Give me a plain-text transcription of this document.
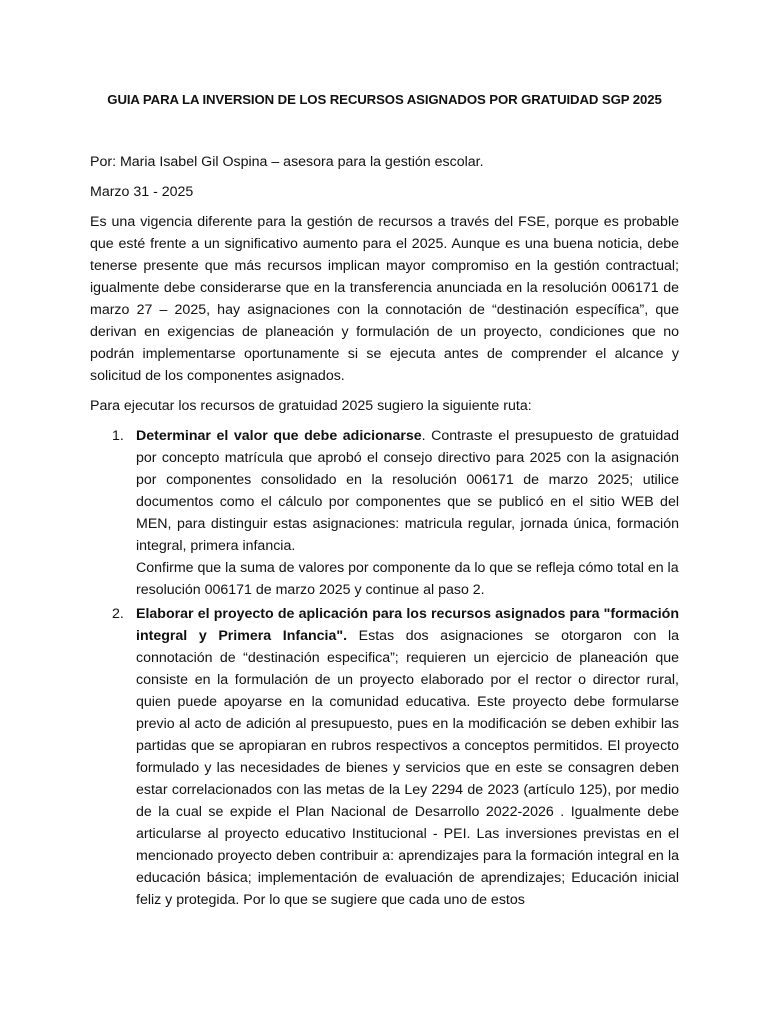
GUIA PARA LA INVERSION DE LOS RECURSOS ASIGNADOS POR GRATUIDAD SGP 2025

Por: Maria Isabel Gil Ospina – asesora para la gestión escolar.

Marzo 31 - 2025

Es una vigencia diferente para la gestión de recursos a través del FSE, porque es probable que esté frente a un significativo aumento para el 2025. Aunque es una buena noticia, debe tenerse presente que más recursos implican mayor compromiso en la gestión contractual; igualmente debe considerarse que en la transferencia anunciada en la resolución 006171 de marzo 27 – 2025, hay asignaciones con la connotación de “destinación específica”, que derivan en exigencias de planeación y formulación de un proyecto, condiciones que no podrán implementarse oportunamente si se ejecuta antes de comprender el alcance y solicitud de los componentes asignados.

Para ejecutar los recursos de gratuidad 2025 sugiero la siguiente ruta:

1. Determinar el valor que debe adicionarse. Contraste el presupuesto de gratuidad por concepto matrícula que aprobó el consejo directivo para 2025 con la asignación por componentes consolidado en la resolución 006171 de marzo 2025; utilice documentos como el cálculo por componentes que se publicó en el sitio WEB del MEN, para distinguir estas asignaciones: matricula regular, jornada única, formación integral, primera infancia.
Confirme que la suma de valores por componente da lo que se refleja cómo total en la resolución 006171 de marzo 2025 y continue al paso 2.
2. Elaborar el proyecto de aplicación para los recursos asignados para "formación integral y Primera Infancia". Estas dos asignaciones se otorgaron con la connotación de “destinación especifica”; requieren un ejercicio de planeación que consiste en la formulación de un proyecto elaborado por el rector o director rural, quien puede apoyarse en la comunidad educativa. Este proyecto debe formularse previo al acto de adición al presupuesto, pues en la modificación se deben exhibir las partidas que se apropiaran en rubros respectivos a conceptos permitidos. El proyecto formulado y las necesidades de bienes y servicios que en este se consagren deben estar correlacionados con las metas de la Ley 2294 de 2023 (artículo 125), por medio de la cual se expide el Plan Nacional de Desarrollo 2022-2026 . Igualmente debe articularse al proyecto educativo Institucional - PEI. Las inversiones previstas en el mencionado proyecto deben contribuir a: aprendizajes para la formación integral en la educación básica; implementación de evaluación de aprendizajes; Educación inicial feliz y protegida. Por lo que se sugiere que cada uno de estos
